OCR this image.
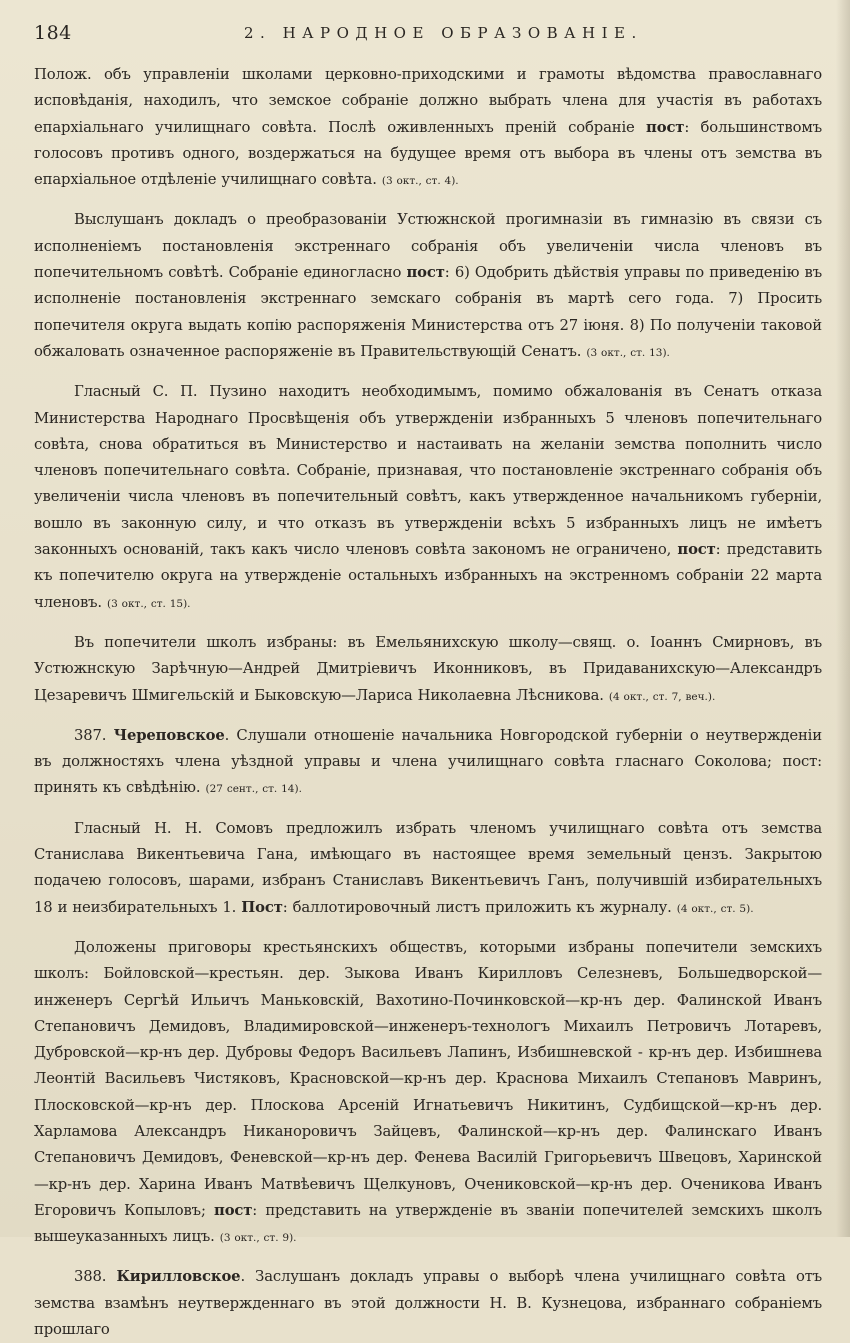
184	2. НАРОДНОЕ ОБРАЗОВАНІЕ.

Полож. объ управленіи школами церковно-приходскими и грамоты вѣдомства православнаго исповѣданія, находилъ, что земское собраніе должно выбрать члена для участія въ работахъ епархіальнаго училищнаго совѣта. Послѣ оживленныхъ преній собраніе пост: большинствомъ голосовъ противъ одного, воздержаться на будущее время отъ выбора въ члены отъ земства въ епархіальное отдѣленіе училищнаго совѣта. (3 окт., ст. 4).

Выслушанъ докладъ о преобразованіи Устюжнской прогимназіи въ гимназію въ связи съ исполненіемъ постановленія экстреннаго собранія объ увеличеніи числа членовъ въ попечительномъ совѣтѣ. Собраніе единогласно пост: 6) Одобрить дѣйствія управы по приведенію въ исполненіе постановленія экстреннаго земскаго собранія въ мартѣ сего года. 7) Просить попечителя округа выдать копію распоряженія Министерства отъ 27 іюня. 8) По полученіи таковой обжаловать означенное распоряженіе въ Правительствующій Сенатъ. (3 окт., ст. 13).

Гласный С. П. Пузино находитъ необходимымъ, помимо обжалованія въ Сенатъ отказа Министерства Народнаго Просвѣщенія объ утвержденіи избранныхъ 5 членовъ попечительнаго совѣта, снова обратиться въ Министерство и настаивать на желаніи земства пополнить число членовъ попечительнаго совѣта. Собраніе, признавая, что постановленіе экстреннаго собранія объ увеличеніи числа членовъ въ попечительный совѣтъ, какъ утвержденное начальникомъ губерніи, вошло въ законную силу, и что отказъ въ утвержденіи всѣхъ 5 избранныхъ лицъ не имѣетъ законныхъ основаній, такъ какъ число членовъ совѣта закономъ не ограничено, пост: представить къ попечителю округа на утвержденіе остальныхъ избранныхъ на экстренномъ собраніи 22 марта членовъ. (3 окт., ст. 15).

Въ попечители школъ избраны: въ Емельянихскую школу—свящ. о. Іоаннъ Смирновъ, въ Устюжнскую Зарѣчную—Андрей Дмитріевичъ Иконниковъ, въ Придаванихскую—Александръ Цезаревичъ Шмигельскій и Быковскую—Лариса Николаевна Лѣсникова. (4 окт., ст. 7, веч.).

387. Череповское. Слушали отношеніе начальника Новгородской губерніи о неутвержденіи въ должностяхъ члена уѣздной управы и члена училищнаго совѣта гласнаго Соколова; пост: принять къ свѣдѣнію. (27 сент., ст. 14).

Гласный Н. Н. Сомовъ предложилъ избрать членомъ училищнаго совѣта отъ земства Станислава Викентьевича Гана, имѣющаго въ настоящее время земельный цензъ. Закрытою подачею голосовъ, шарами, избранъ Станиславъ Викентьевичъ Ганъ, получившій избирательныхъ 18 и неизбирательныхъ 1. Пост: баллотировочный листъ приложить къ журналу. (4 окт., ст. 5).

Доложены приговоры крестьянскихъ обществъ, которыми избраны попечители земскихъ школъ: Бойловской—крестьян. дер. Зыкова Иванъ Кирилловъ Селезневъ, Большедворской—инженеръ Сергѣй Ильичъ Маньковскій, Вахотино-Починковской—кр-нъ дер. Фалинской Иванъ Степановичъ Демидовъ, Владимировской—инженеръ-технологъ Михаилъ Петровичъ Лотаревъ, Дубровской—кр-нъ дер. Дубровы Федоръ Васильевъ Лапинъ, Избишневской - кр-нъ дер. Избишнева Леонтій Васильевъ Чистяковъ, Красновской—кр-нъ дер. Краснова Михаилъ Степановъ Мавринъ, Плосковской—кр-нъ дер. Плоскова Арсеній Игнатьевичъ Никитинъ, Судбищской—кр-нъ дер. Харламова Александръ Никаноровичъ Зайцевъ, Фалинской—кр-нъ дер. Фалинскаго Иванъ Степановичъ Демидовъ, Феневской—кр-нъ дер. Фенева Василій Григорьевичъ Швецовъ, Харинской—кр-нъ дер. Харина Иванъ Матвѣевичъ Щелкуновъ, Очениковской—кр-нъ дер. Оченикова Иванъ Егоровичъ Копыловъ; пост: представить на утвержденіе въ званіи попечителей земскихъ школъ вышеуказанныхъ лицъ. (3 окт., ст. 9).

388. Кирилловское. Заслушанъ докладъ управы о выборѣ члена училищнаго совѣта отъ земства взамѣнъ неутвержденнаго въ этой должности Н. В. Кузнецова, избраннаго собраніемъ прошлаго
